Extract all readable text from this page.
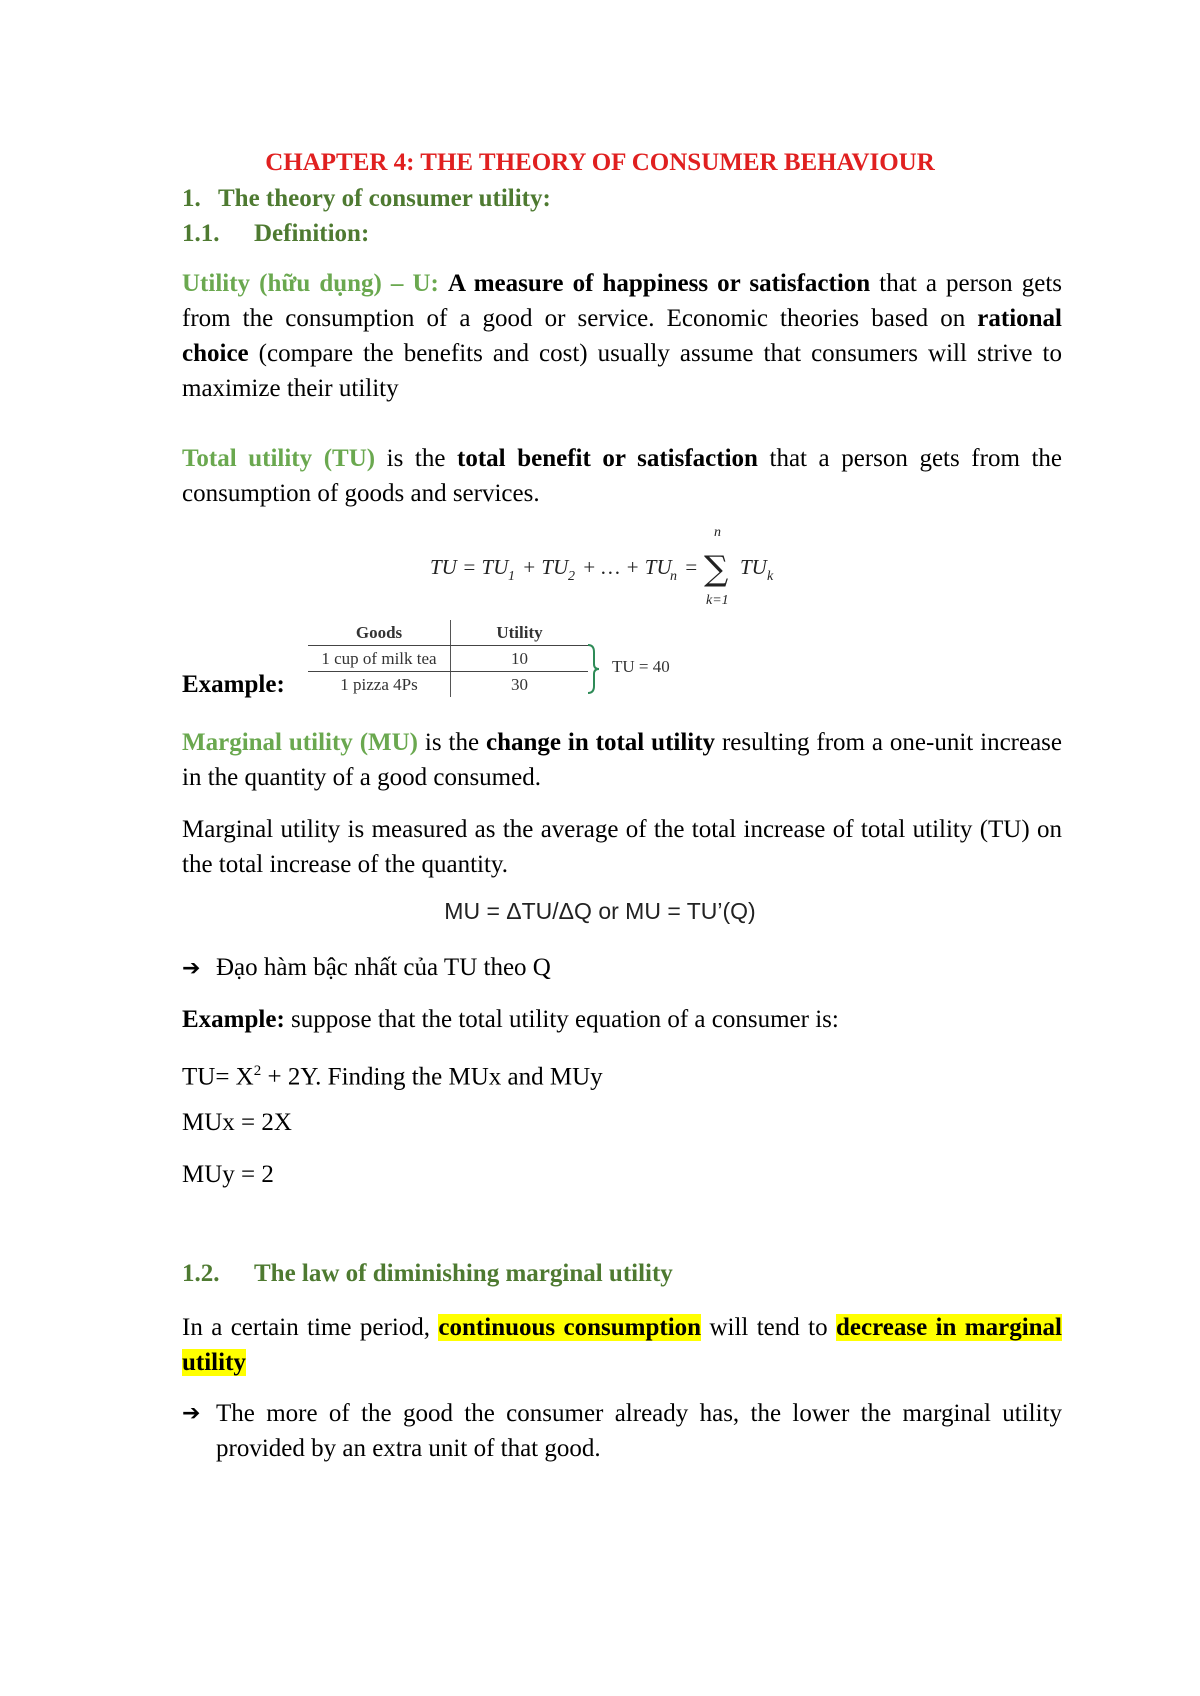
CHAPTER 4: THE THEORY OF CONSUMER BEHAVIOUR
1. The theory of consumer utility:
1.1. Definition:

Utility (hữu dụng) – U: A measure of happiness or satisfaction that a person gets from the consumption of a good or service. Economic theories based on rational choice (compare the benefits and cost) usually assume that consumers will strive to maximize their utility

Total utility (TU) is the total benefit or satisfaction that a person gets from the consumption of goods and services.

TU = TU 1 + TU 2 + … + TU
n = TU k
n
k=1
∑
Example:
Goods	Utility
1 cup of milk tea	10
1 pizza 4Ps	30
TU = 40

Marginal utility (MU) is the change in total utility resulting from a one-unit increase in the quantity of a good consumed.

Marginal utility is measured as the average of the total increase of total utility (TU) on the total increase of the quantity.

MU = ΔTU/ΔQ or MU = TU’(Q)
➔ Đạo hàm bậc nhất của TU theo Q
Example: suppose that the total utility equation of a consumer is:
$TU= X^2 + 2Y$. Finding the MUx and MUy
MUx = 2X
MUy = 2
1.2. The law of diminishing marginal utility

In a certain time period, continuous consumption will tend to decrease in marginal utility

➔ The more of the good the consumer already has, the lower the marginal utility provided by an extra unit of that good.
